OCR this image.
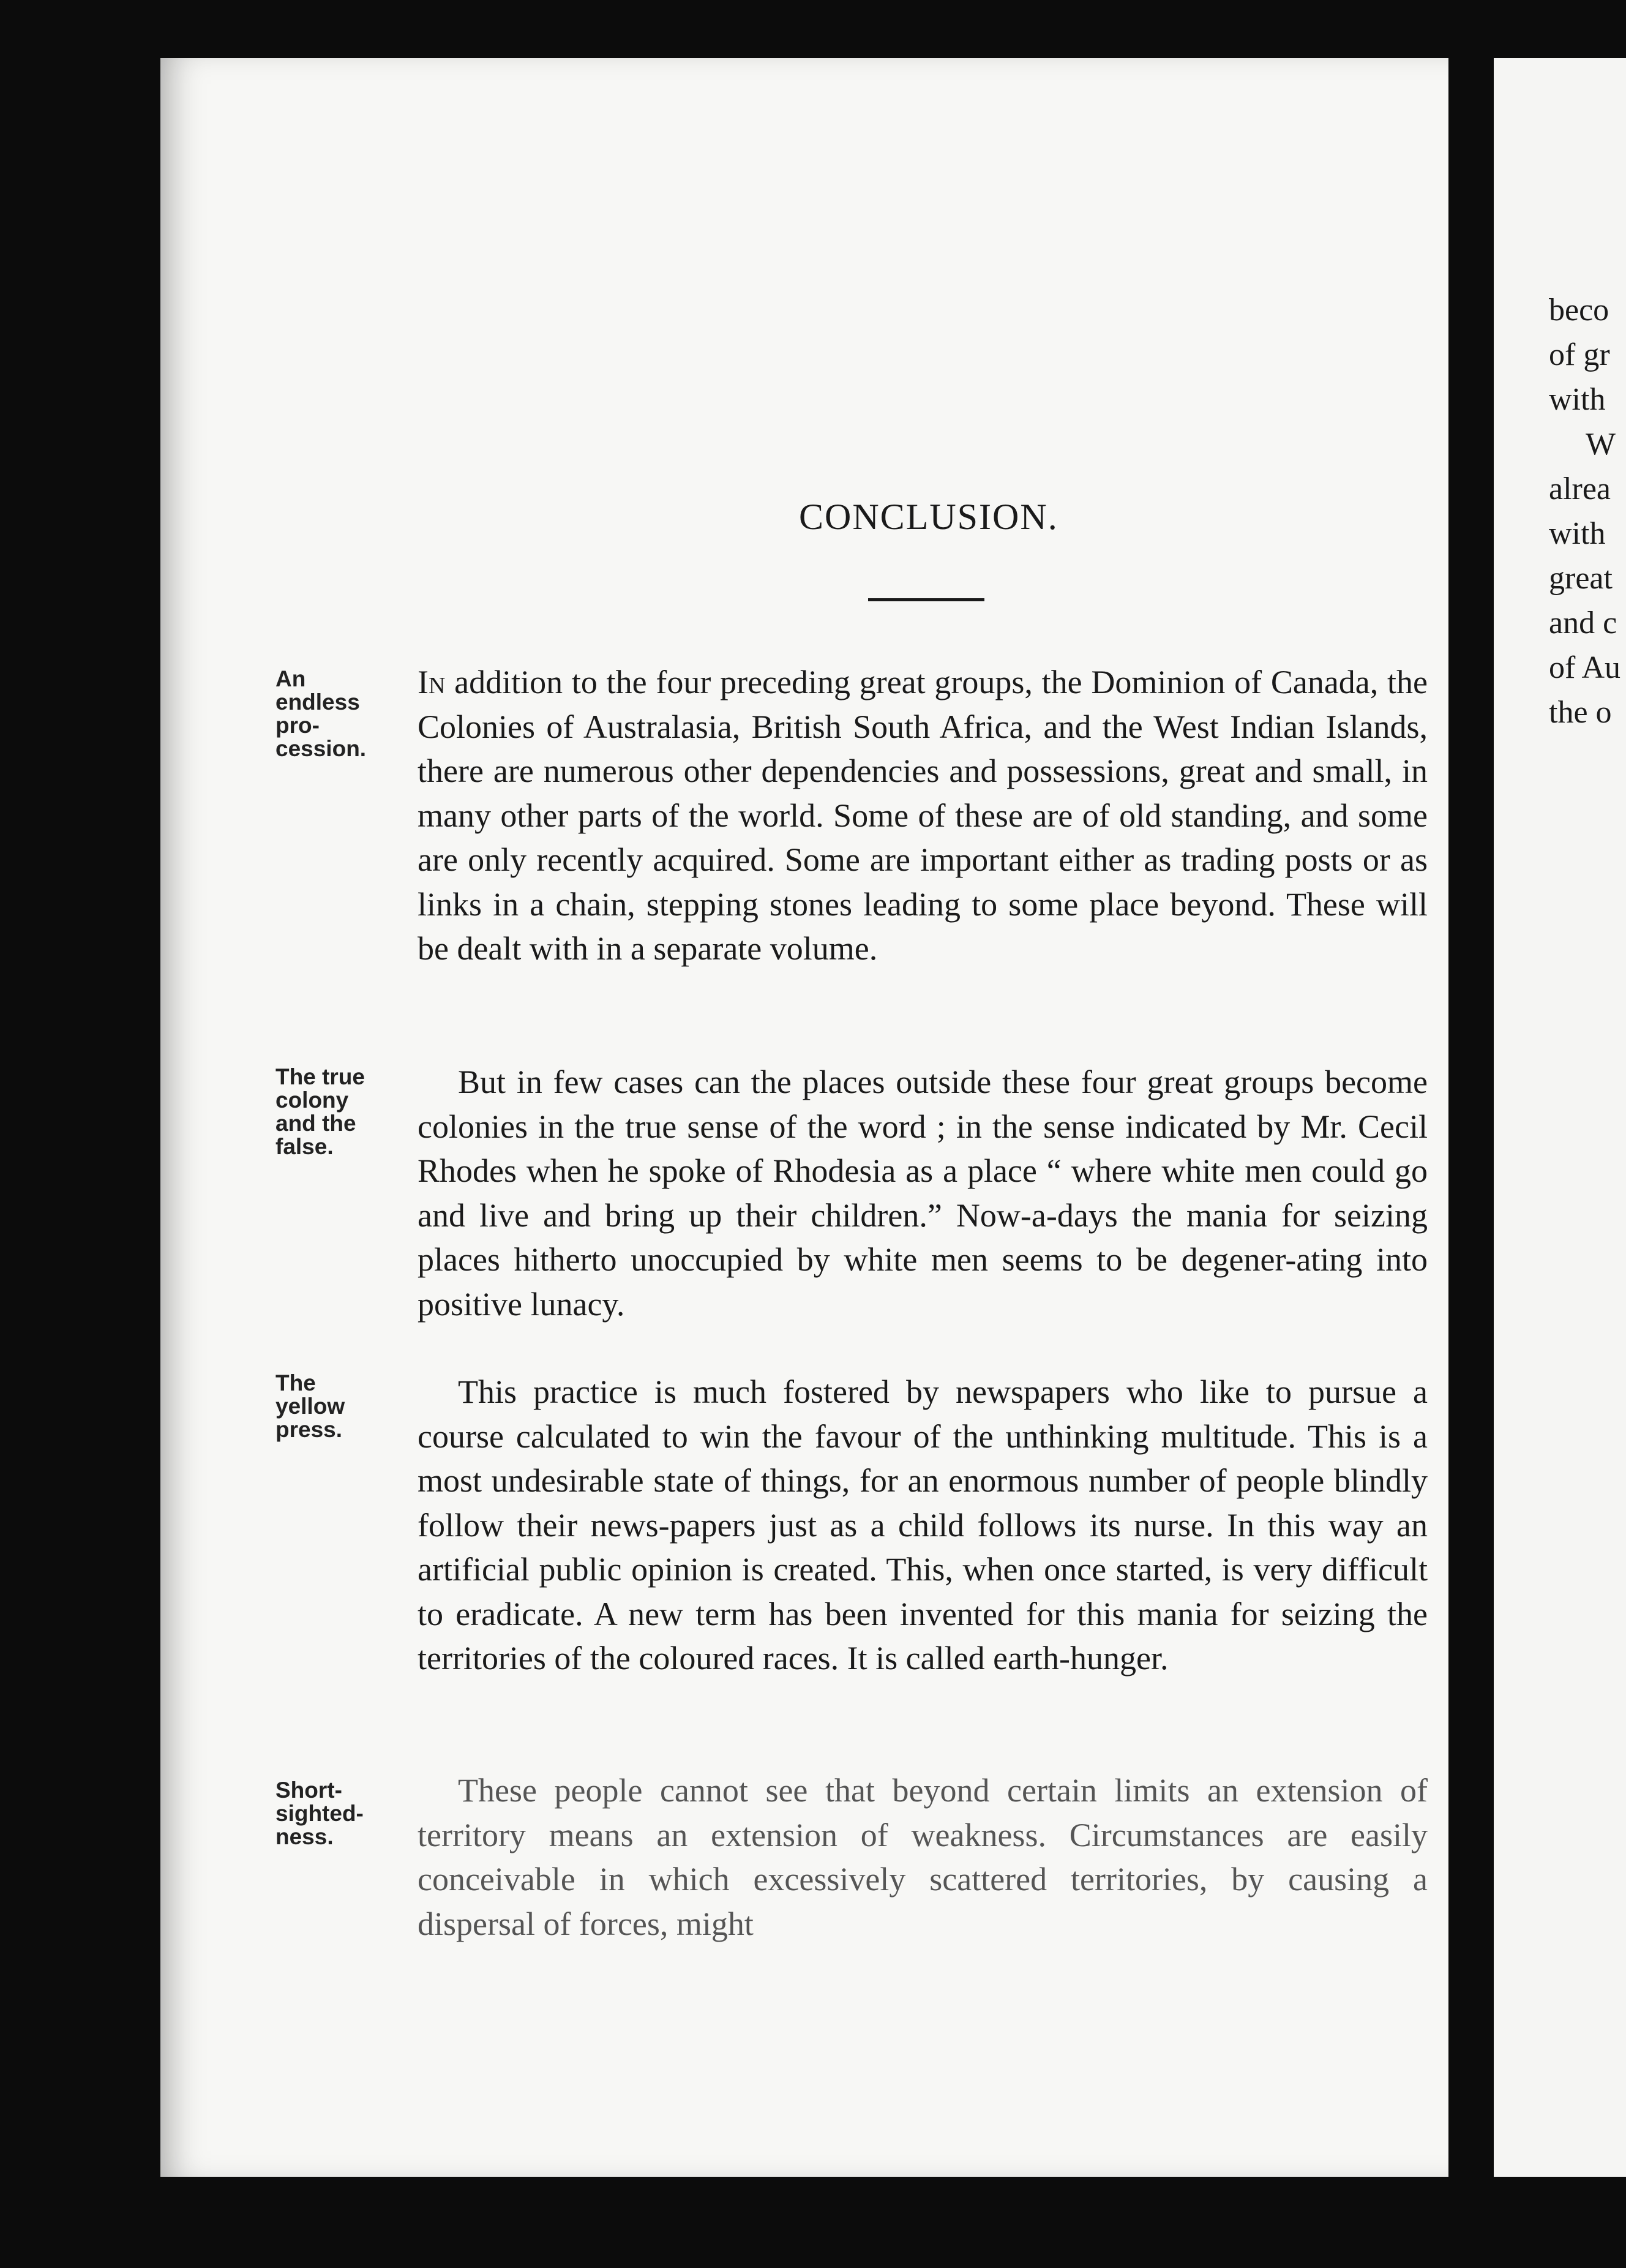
beco

of gr

with

W

alrea

with

great

and c

of Au

the o

CONCLUSION.
An
endless
pro-
cession.
The true
colony
and the
false.
The
yellow
press.
Short-
sighted-
ness.

In addition to the four preceding great groups, the Dominion of Canada, the Colonies of Australasia, British South Africa, and the West Indian Islands, there are numerous other dependencies and possessions, great and small, in many other parts of the world. Some of these are of old standing, and some are only recently acquired. Some are important either as trading posts or as links in a chain, stepping stones leading to some place beyond. These will be dealt with in a separate volume.

But in few cases can the places outside these four great groups become colonies in the true sense of the word ; in the sense indicated by Mr. Cecil Rhodes when he spoke of Rhodesia as a place “ where white men could go and live and bring up their children.” Now-a-days the mania for seizing places hitherto unoccupied by white men seems to be degener-ating into positive lunacy.

This practice is much fostered by newspapers who like to pursue a course calculated to win the favour of the unthinking multitude. This is a most undesirable state of things, for an enormous number of people blindly follow their news-papers just as a child follows its nurse. In this way an artificial public opinion is created. This, when once started, is very difficult to eradicate. A new term has been invented for this mania for seizing the territories of the coloured races. It is called earth-hunger.

These people cannot see that beyond certain limits an extension of territory means an extension of weakness. Circumstances are easily conceivable in which excessively scattered territories, by causing a dispersal of forces, might
